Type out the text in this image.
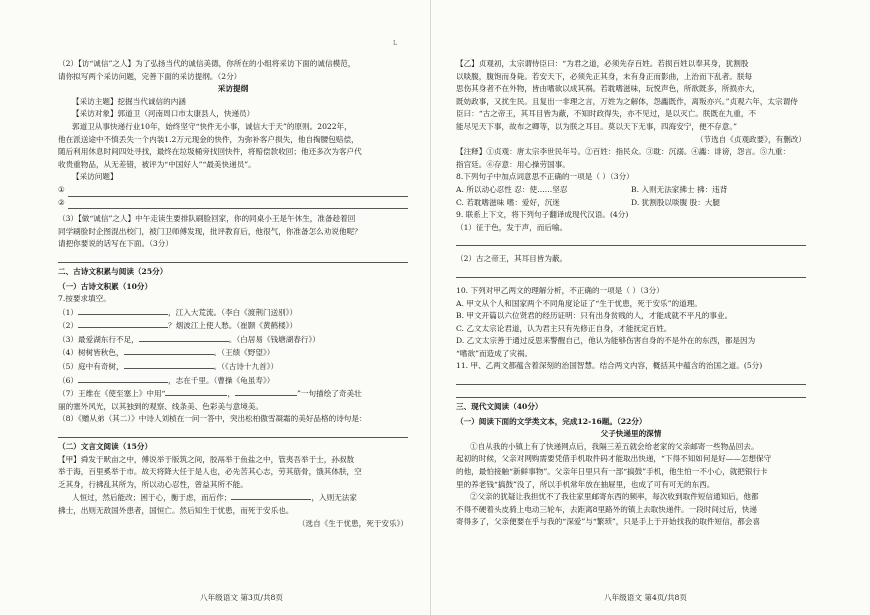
L
（2）【访“诚信”之人】为了弘扬当代的诚信美德，你所在的小组将采访下面的诚信模范，
请你拟写两个采访问题，完善下面的采访提纲。（2分）
采访提纲
【采访主题】挖掘当代诚信的内涵
【采访对象】郭道卫（河南周口市太康县人，快递员）
郭道卫从事快递行业10年，始终坚守“快件无小事，诚信大于天”的原则。2022年，
他在派送途中不慎丢失一个内装1.2万元现金的快件，为弥补客户损失，他自掏腰包赔偿，
随后利用休息时间四处寻找，最终在垃圾桶旁找回快件，将赔偿款收回；他还多次为客户代
收贵重物品，从无差错，被评为“中国好人”“最美快递员”。
【采访问题】
①
②
（3）【做“诚信”之人】中午走读生要排队刷脸回家，你的同桌小王是午休生，准备趁着回
同学刷脸时企图混出校门，被门卫师傅发现，批评教育后，他很气，你准备怎么劝说他呢？
请把你要说的话写在下面。（3分）
二、古诗文积累与阅读（25分）
（一）古诗文积累（10分）
7.按要求填空。
（1）	，江入大荒流。（李白《渡荆门送别》）
（2）	？烟波江上使人愁。（崔颢《黄鹤楼》）
（3）最爱湖东行不足，	。（白居易《钱塘湖春行》）
（4）树树皆秋色，	。（王绩《野望》）
（5）庭中有奇树，	。（《古诗十九首》）
（6）	，志在千里。（曹操《龟虽寿》）
（7）王维在《使至塞上》中用“	，	”一句描绘了奇美壮
丽的塞外风光，以其独到的观察、线条美、色彩美与意境美。
（8）《赠从弟（其二）》中诗人刘桢在一问一答中，突出松柏傲雪凝霜的美好品格的诗句是：
（二）文言文阅读（15分）
【甲】舜发于畎亩之中，傅说举于版筑之间，胶鬲举于鱼盐之中，管夷吾举于士，孙叔敖
举于海，百里奚举于市。故天将降大任于是人也，必先苦其心志，劳其筋骨，饿其体肤，空
乏其身，行拂乱其所为，所以动心忍性，曾益其所不能。
人恒过，然后能改；困于心，衡于虑，而后作；	，入则无法家
拂士，出则无敌国外患者，国恒亡。然后知生于忧患，而死于安乐也。
（选自《生于忧患，死于安乐》）
【乙】贞观初，太宗谓侍臣曰：“为君之道，必须先存百姓。若损百姓以奉其身，犹割股
以啖腹，腹饱而身毙。若安天下，必须先正其身，未有身正而影曲，上治而下乱者。朕每
思伤其身者不在外物，皆由嗜欲以成其祸。若耽嗜滋味，玩悦声色，所欲既多，所损亦大，
既妨政事，又扰生民。且复出一非理之言，万姓为之解体，怨讟既作，离叛亦兴。”贞观六年，太宗谓侍
臣曰：“古之帝王，其耳目皆为蔽，不知时政得失，亦不见过，是以灭亡。朕既在九重，不
能尽见天下事，故布之卿等，以为朕之耳目。莫以天下无事，四海安宁，便不存意。”
（节选自《贞观政要》，有删改）
【注释】①贞观：唐太宗李世民年号。②百姓：指民众。③耽：沉溺。④讟：诽谤，怨言。⑤九重：
指宫廷。⑥存意：用心操劳国事。
8.下列句子中加点词意思不正确的一项是（ ）（3分）
A. 所以动心忍性 忍：使……坚忍	B. 入则无法家拂士 拂：违背
C. 若耽嗜滋味 嗜：爱好，沉迷	D. 犹割股以啖腹 股：大腿
9. 联系上下文，将下列句子翻译成现代汉语。(4分)
（1）征于色，发于声，而后喻。
（2）古之帝王，其耳目皆为蔽。
10. 下列对甲乙两文的理解分析，不正确的一项是（ ）（3分）
A. 甲文从个人和国家两个不同角度论证了“生于忧患，死于安乐”的道理。
B. 甲文开篇以六位贤君的经历证明：只有出身贫贱的人，才能成就不平凡的事业。
C. 乙文太宗论君道，认为君主只有先修正自身，才能抚定百姓。
D. 乙文太宗善于通过反思来警醒自己，他认为能够伤害自身的不是外在的东西，都是因为
“嗜欲”而造成了灾祸。
11. 甲、乙两文都蕴含着深刻的治国智慧。结合两文内容，概括其中蕴含的治国之道。(5分)
三、现代文阅读（40分）
（一）阅读下面的文学类文本，完成12-16题。（22分）
父子快递里的深情
①自从我的小镇上有了快递网点后，我隔三差五就会给老家的父亲邮寄一些物品回去。
起初的时候，父亲对网购需要凭借手机取件码才能取出快递，“下得不知如何是好——怎想保守
的他，最怕接触“新鲜事物”。父亲年日里只有一部“搞鼓”手机，他生怕一不小心，就把银行卡
里的养老钱“搞鼓”没了，所以手机常年放在抽屉里，也成了可有可无的东西。
②父亲的犹疑让我担忧不了我往家里邮寄东西的频率，每次收到取件短信通知后，他都
不得不硬着头皮骑上电动三轮车，去距离8里路外的镇上去取快递件。一段时间过后，快递
寄得多了，父亲便要在乎与我的“深爱”与“繁琐”，只是手上于开始找我的取件短信，都会喜
八年级语文 第3页/共8页	八年级语文 第4页/共8页
